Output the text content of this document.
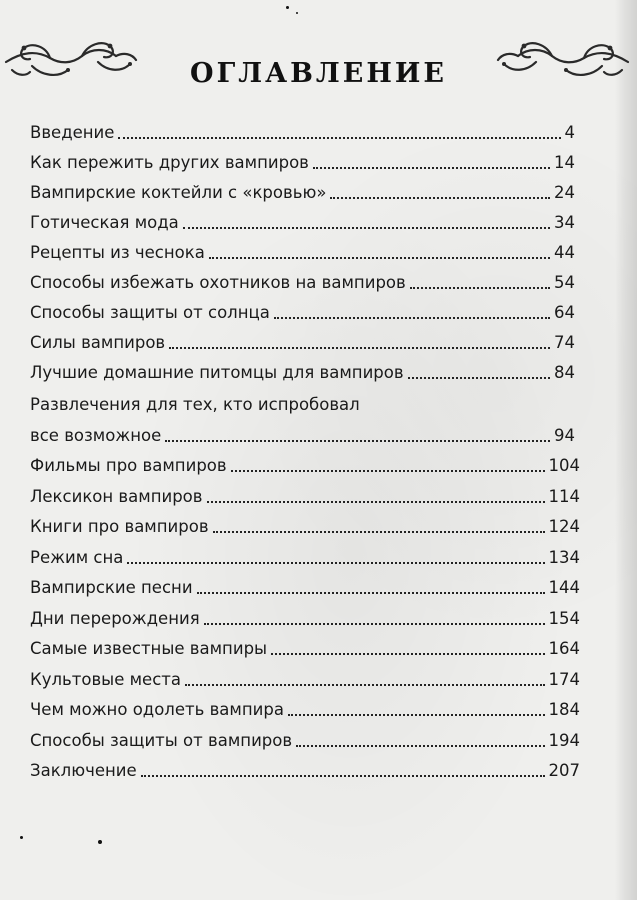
ОГЛАВЛЕНИЕ
Введение	4
Как пережить других вампиров	14
Вампирские коктейли с «кровью»	24
Готическая мода	34
Рецепты из чеснока	44
Способы избежать охотников на вампиров	54
Способы защиты от солнца	64
Силы вампиров	74
Лучшие домашние питомцы для вампиров	84
Развлечения для тех, кто испробовал
все возможное	94
Фильмы про вампиров	104
Лексикон вампиров	114
Книги про вампиров	124
Режим сна	134
Вампирские песни	144
Дни перерождения	154
Самые известные вампиры	164
Культовые места	174
Чем можно одолеть вампира	184
Способы защиты от вампиров	194
Заключение	207
